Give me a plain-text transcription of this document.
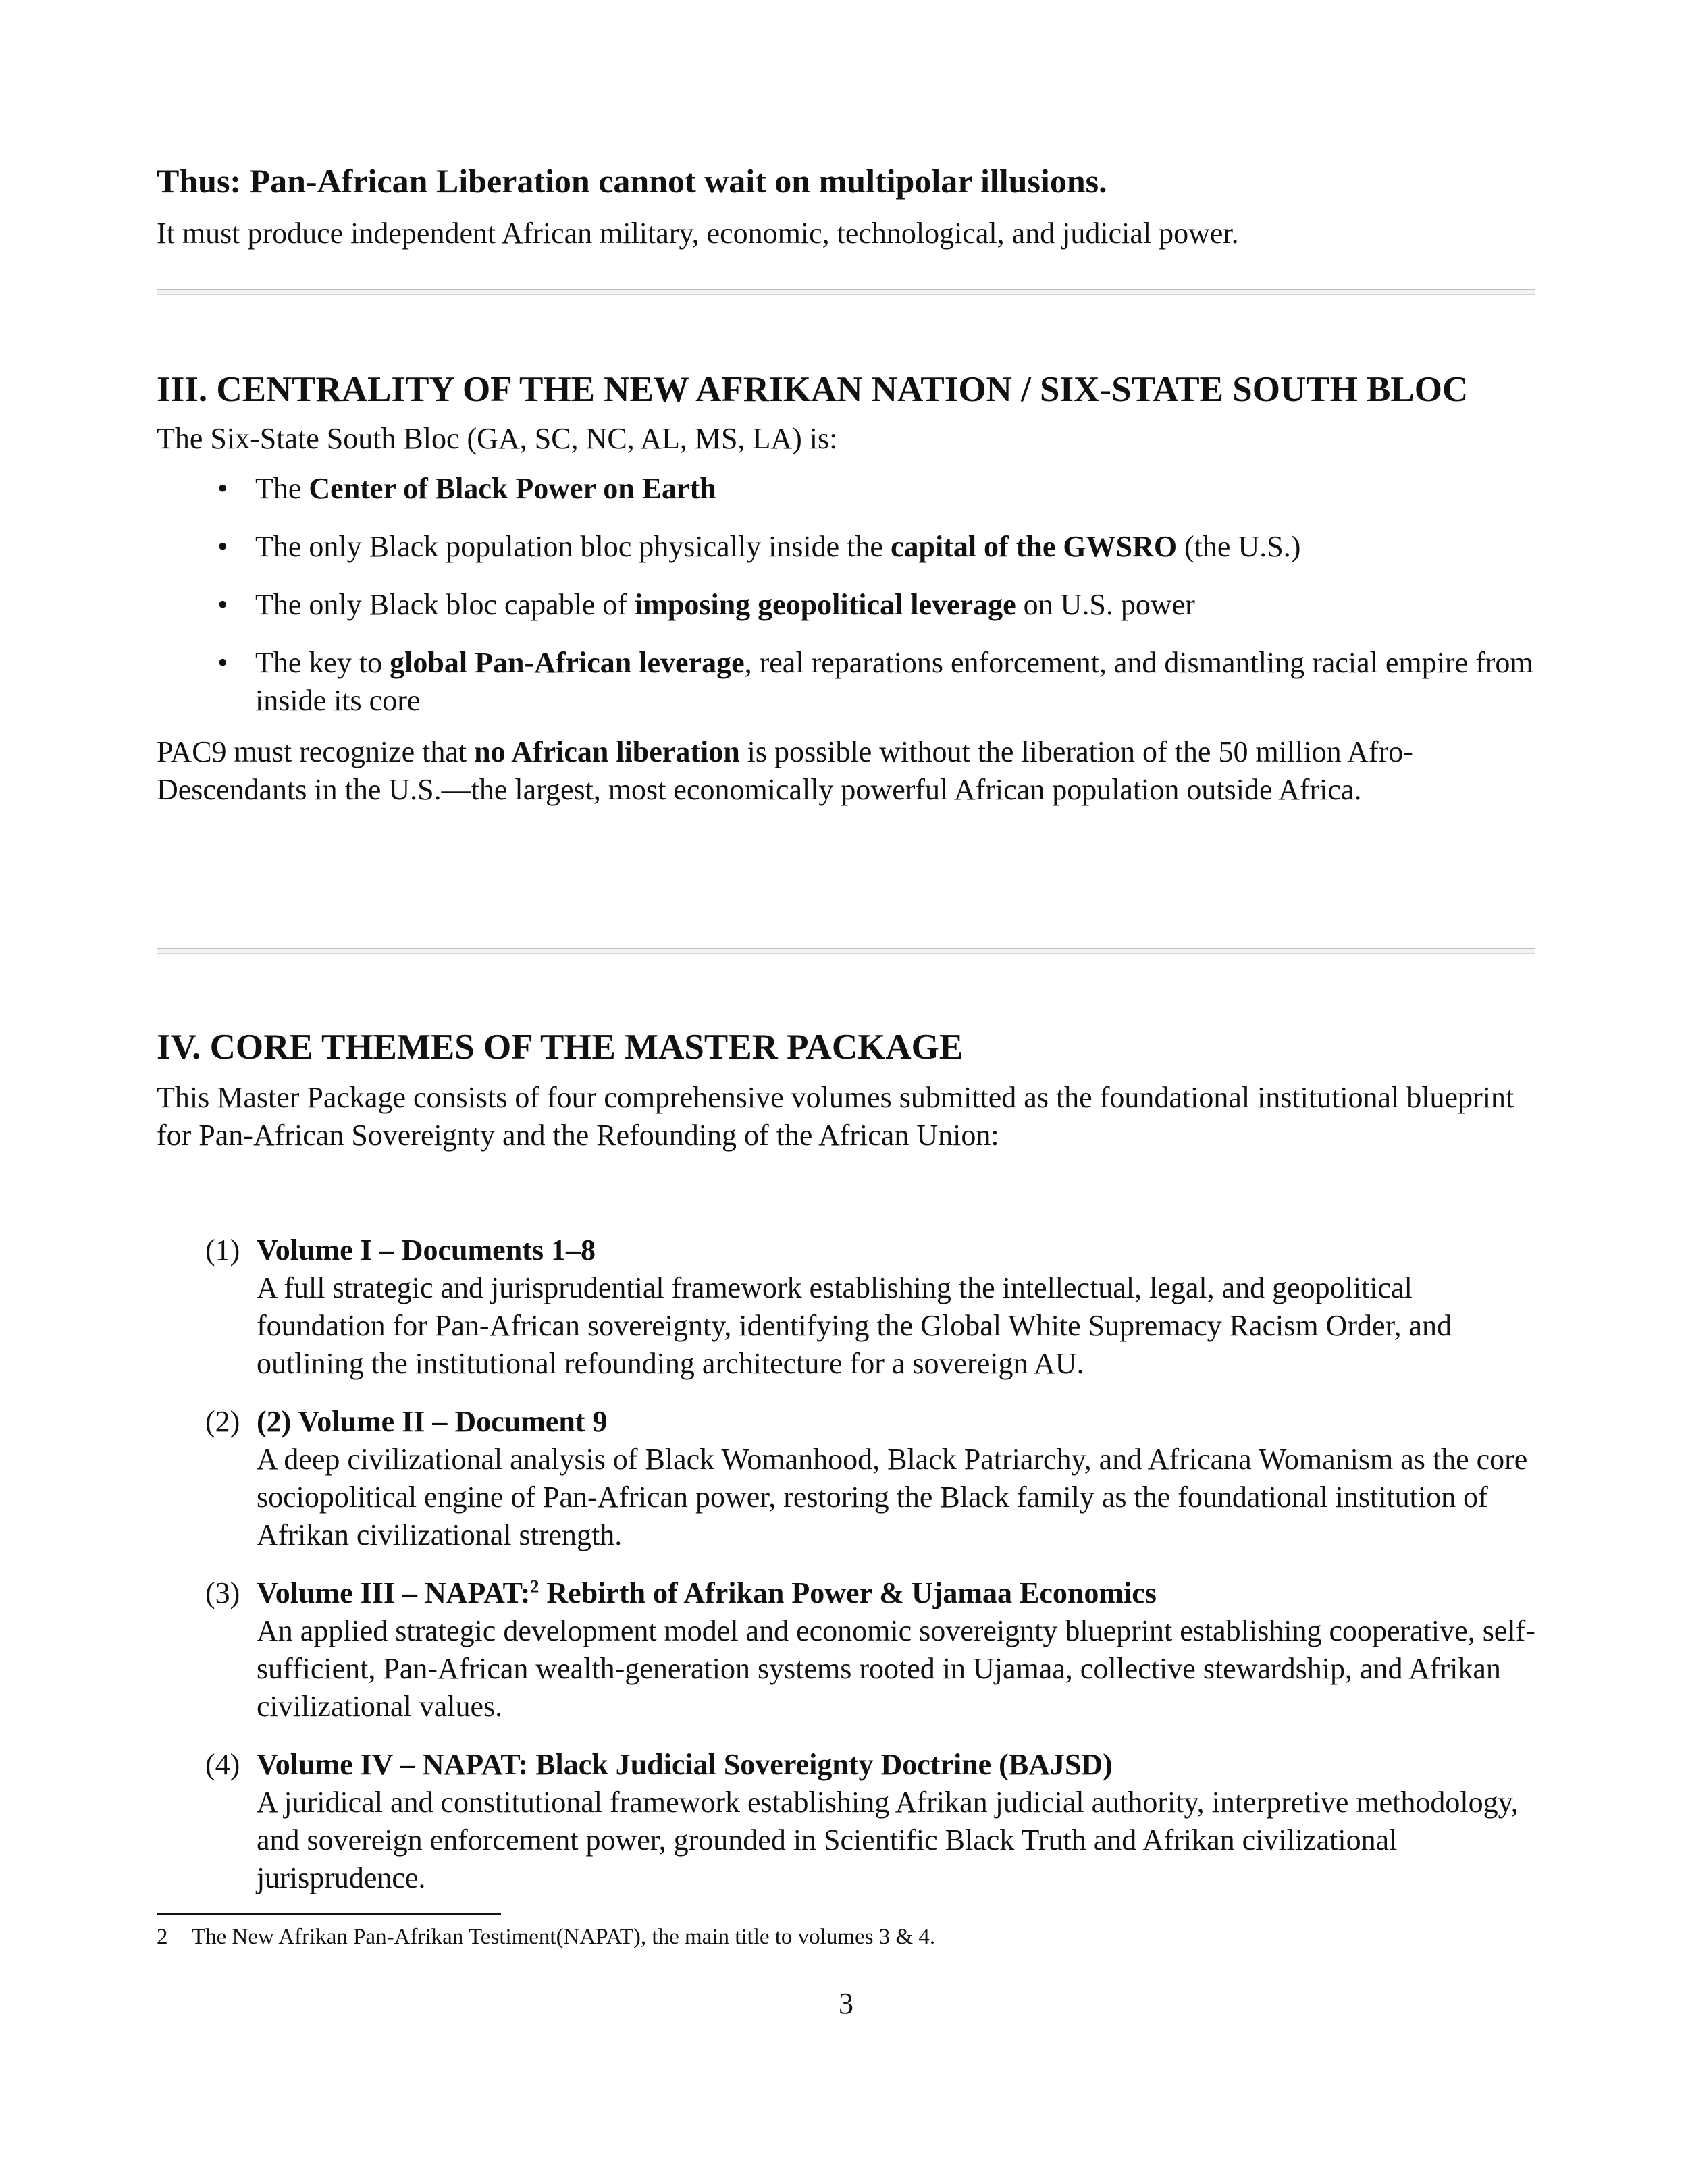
Thus: Pan-African Liberation cannot wait on multipolar illusions.

It must produce independent African military, economic, technological, and judicial power.

III. CENTRALITY OF THE NEW AFRIKAN NATION / SIX-STATE SOUTH BLOC

The Six-State South Bloc (GA, SC, NC, AL, MS, LA) is:

• The Center of Black Power on Earth
• The only Black population bloc physically inside the capital of the GWSRO (the U.S.)
• The only Black bloc capable of imposing geopolitical leverage on U.S. power
• The key to global Pan-African leverage, real reparations enforcement, and dismantling racial empire from inside its core

PAC9 must recognize that no African liberation is possible without the liberation of the 50 million Afro-Descendants in the U.S.—the largest, most economically powerful African population outside Africa.

IV. CORE THEMES OF THE MASTER PACKAGE

This Master Package consists of four comprehensive volumes submitted as the foundational institutional blueprint for Pan-African Sovereignty and the Refounding of the African Union:

(1) Volume I – Documents 1–8
A full strategic and jurisprudential framework establishing the intellectual, legal, and geopolitical foundation for Pan-African sovereignty, identifying the Global White Supremacy Racism Order, and outlining the institutional refounding architecture for a sovereign AU.
(2) (2) Volume II – Document 9
A deep civilizational analysis of Black Womanhood, Black Patriarchy, and Africana Womanism as the core sociopolitical engine of Pan-African power, restoring the Black family as the foundational institution of Afrikan civilizational strength.
(3) Volume III – NAPAT:$^2$ Rebirth of Afrikan Power & Ujamaa Economics
An applied strategic development model and economic sovereignty blueprint establishing cooperative, self-sufficient, Pan-African wealth-generation systems rooted in Ujamaa, collective stewardship, and Afrikan civilizational values.
(4) Volume IV – NAPAT: Black Judicial Sovereignty Doctrine (BAJSD)
A juridical and constitutional framework establishing Afrikan judicial authority, interpretive methodology, and sovereign enforcement power, grounded in Scientific Black Truth and Afrikan civilizational jurisprudence.

2 The New Afrikan Pan-Afrikan Testiment(NAPAT), the main title to volumes 3 & 4.

3
